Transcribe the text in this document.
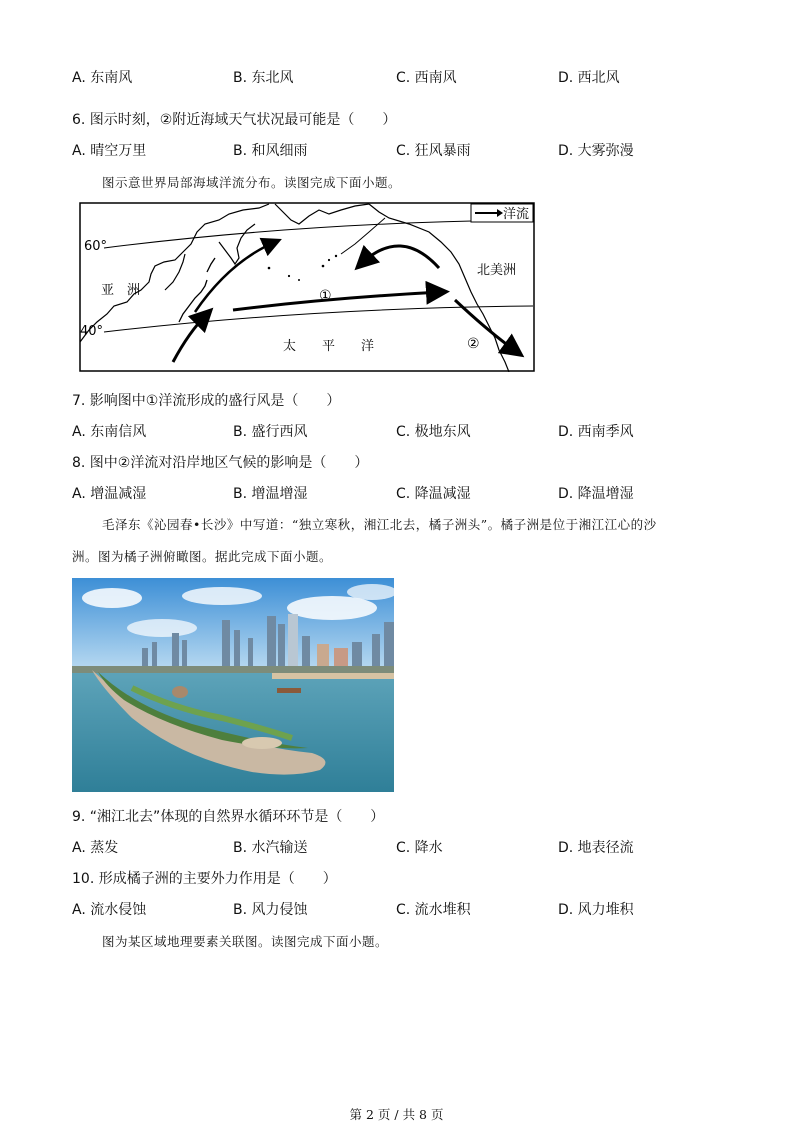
A. 东南风	B. 东北风	C. 西南风	D. 西北风
6. 图示时刻，②附近海域天气状况最可能是（　　）
A. 晴空万里	B. 和风细雨	C. 狂风暴雨	D. 大雾弥漫
图示意世界局部海域洋流分布。读图完成下面小题。
洋流
60°
40°
亚　洲
北美洲
太　　平　　洋
①
②
7. 影响图中①洋流形成的盛行风是（　　）
A. 东南信风	B. 盛行西风	C. 极地东风	D. 西南季风
8. 图中②洋流对沿岸地区气候的影响是（　　）
A. 增温减湿	B. 增温增湿	C. 降温减湿	D. 降温增湿
毛泽东《沁园春•长沙》中写道：“独立寒秋，湘江北去，橘子洲头”。橘子洲是位于湘江江心的沙
洲。图为橘子洲俯瞰图。据此完成下面小题。
9. “湘江北去”体现的自然界水循环环节是（　　）
A. 蒸发	B. 水汽输送	C. 降水	D. 地表径流
10. 形成橘子洲的主要外力作用是（　　）
A. 流水侵蚀	B. 风力侵蚀	C. 流水堆积	D. 风力堆积
图为某区域地理要素关联图。读图完成下面小题。
第 2 页 / 共 8 页
